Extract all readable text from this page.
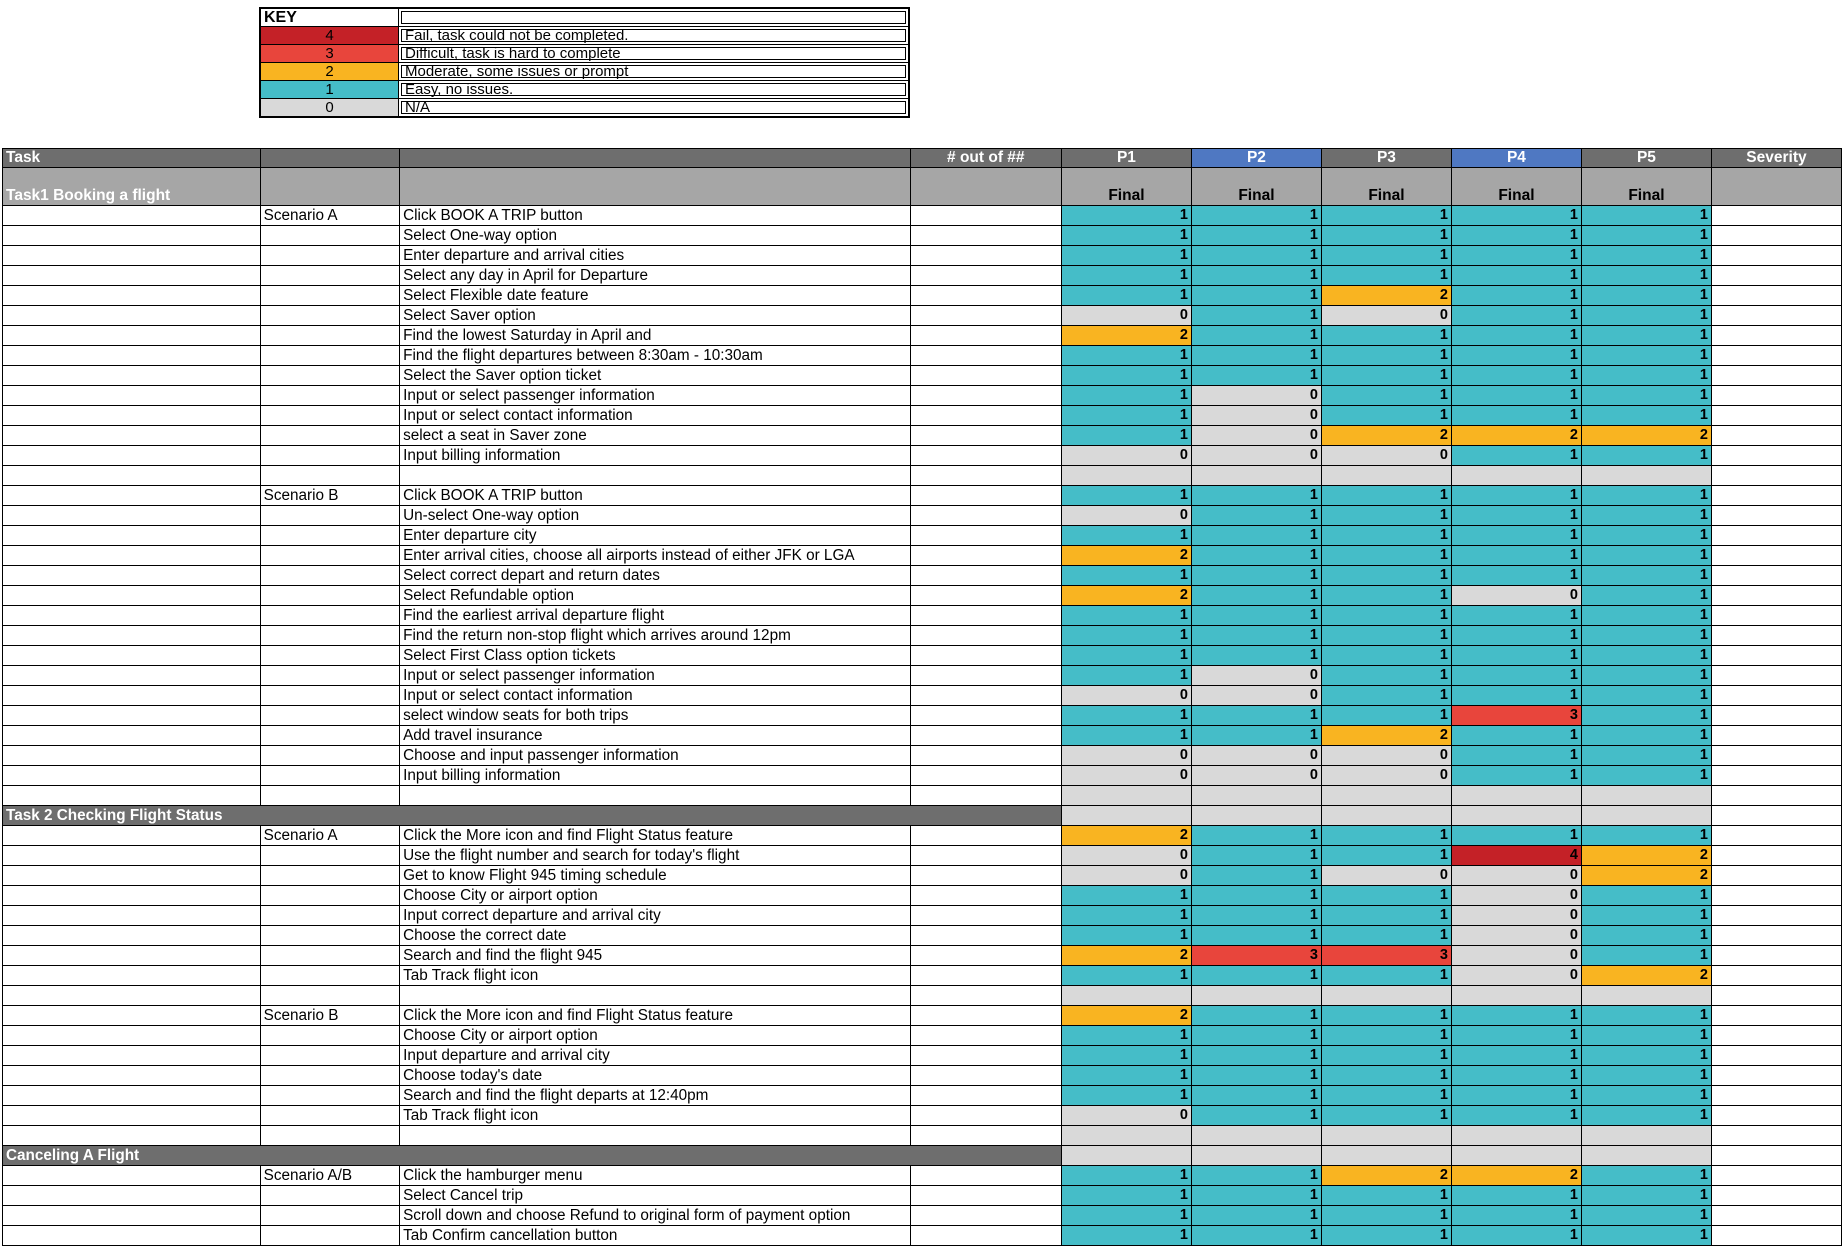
KEY	
4	Fail, task could not be completed.
3	Difficult, task is hard to complete
2	Moderate, some issues or prompt
1	Easy, no issues.
0	N/A
Task			# out of ##	P1	P2	P3	P4	P5	Severity
Task1 Booking a flight				Final	Final	Final	Final	Final	
	Scenario A	Click BOOK A TRIP button		1	1	1	1	1	
		Select One-way option		1	1	1	1	1	
		Enter departure and arrival cities		1	1	1	1	1	
		Select any day in April for Departure		1	1	1	1	1	
		Select Flexible date feature		1	1	2	1	1	
		Select Saver option		0	1	0	1	1	
		Find the lowest Saturday in April and		2	1	1	1	1	
		Find the flight departures between 8:30am - 10:30am		1	1	1	1	1	
		Select the Saver option ticket		1	1	1	1	1	
		Input or select passenger information		1	0	1	1	1	
		Input or select contact information		1	0	1	1	1	
		select a seat in Saver zone		1	0	2	2	2	
		Input billing information		0	0	0	1	1	

	Scenario B	Click BOOK A TRIP button		1	1	1	1	1	
		Un-select One-way option		0	1	1	1	1	
		Enter departure city		1	1	1	1	1	
		Enter arrival cities, choose all airports instead of either JFK or LGA		2	1	1	1	1	
		Select correct depart and return dates		1	1	1	1	1	
		Select Refundable option		2	1	1	0	1	
		Find the earliest arrival departure flight		1	1	1	1	1	
		Find the return non-stop flight which arrives around 12pm		1	1	1	1	1	
		Select First Class option tickets		1	1	1	1	1	
		Input or select passenger information		1	0	1	1	1	
		Input or select contact information		0	0	1	1	1	
		select window seats for both trips		1	1	1	3	1	
		Add travel insurance		1	1	2	1	1	
		Choose and input passenger information		0	0	0	1	1	
		Input billing information		0	0	0	1	1	

Task 2 Checking Flight Status									
	Scenario A	Click the More icon and find Flight Status feature		2	1	1	1	1	
		Use the flight number and search for today's flight		0	1	1	4	2	
		Get to know Flight 945 timing schedule		0	1	0	0	2	
		Choose City or airport option		1	1	1	0	1	
		Input correct departure and arrival city		1	1	1	0	1	
		Choose the correct date		1	1	1	0	1	
		Search and find the flight 945		2	3	3	0	1	
		Tab Track flight icon		1	1	1	0	2	

	Scenario B	Click the More icon and find Flight Status feature		2	1	1	1	1	
		Choose City or airport option		1	1	1	1	1	
		Input departure and arrival city		1	1	1	1	1	
		Choose today's date		1	1	1	1	1	
		Search and find the flight departs at 12:40pm		1	1	1	1	1	
		Tab Track flight icon		0	1	1	1	1	

Canceling A Flight									
	Scenario A/B	Click the hamburger menu		1	1	2	2	1	
		Select Cancel trip		1	1	1	1	1	
		Scroll down and choose Refund to original form of payment option		1	1	1	1	1	
		Tab Confirm cancellation button		1	1	1	1	1	
